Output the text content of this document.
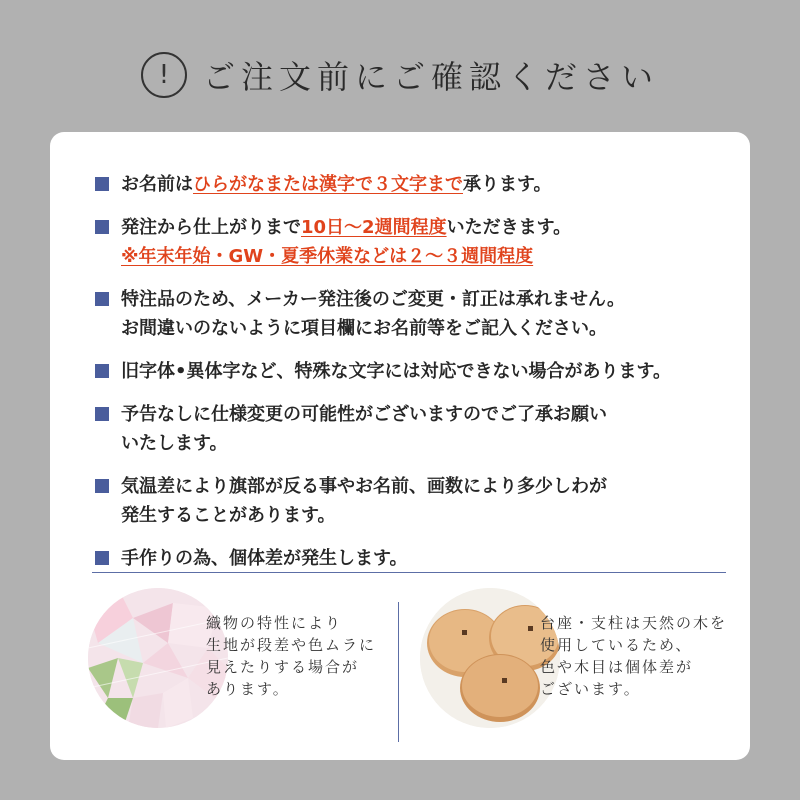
!	ご注文前にご確認ください
お名前はひらがなまたは漢字で３文字まで承ります。
発注から仕上がりまで10日～2週間程度いただきます。
※年末年始・GW・夏季休業などは２～３週間程度
特注品のため、メーカー発注後のご変更・訂正は承れません。
お間違いのないように項目欄にお名前等をご記入ください。
旧字体•異体字など、特殊な文字には対応できない場合があります。
予告なしに仕様変更の可能性がございますのでご了承お願い
いたします。
気温差により旗部が反る事やお名前、画数により多少しわが
発生することがあります。
手作りの為、個体差が発生します。
織物の特性により
生地が段差や色ムラに
見えたりする場合が
あります。
台座・支柱は天然の木を
使用しているため、
色や木目は個体差が
ございます。
